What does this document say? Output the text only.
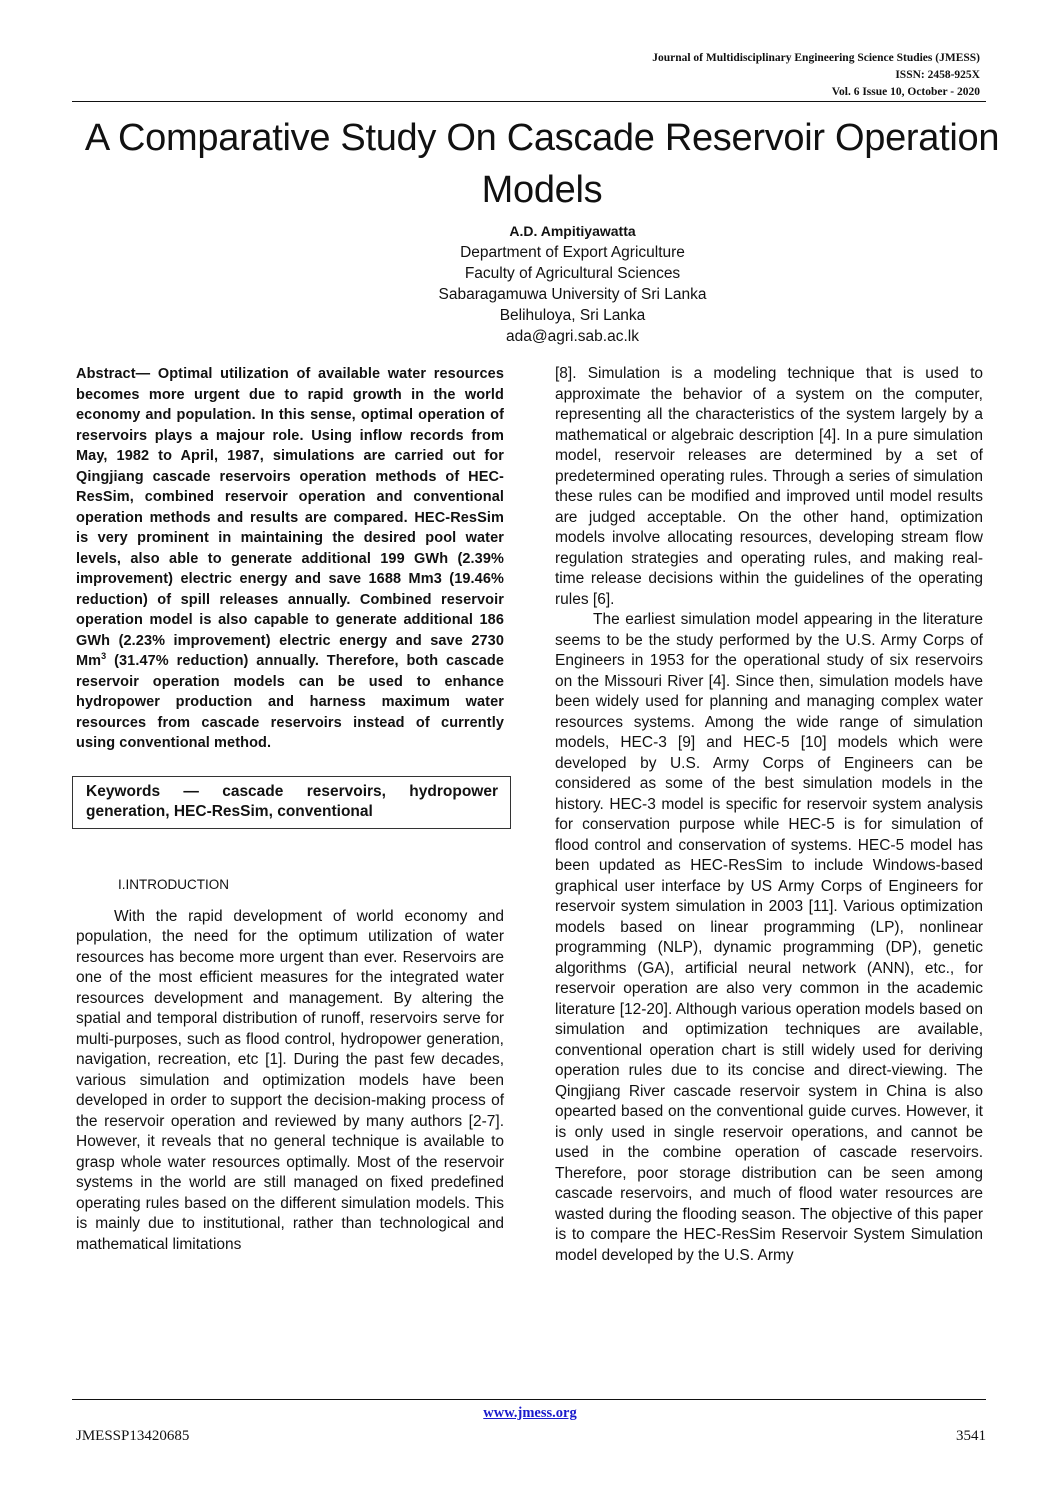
Journal of Multidisciplinary Engineering Science Studies (JMESS)
ISSN: 2458-925X
Vol. 6 Issue 10, October - 2020
A Comparative Study On Cascade Reservoir Operation Models
A.D. Ampitiyawatta
Department of Export Agriculture
Faculty of Agricultural Sciences
Sabaragamuwa University of Sri Lanka
Belihuloya, Sri Lanka
ada@agri.sab.ac.lk

Abstract— Optimal utilization of available water resources becomes more urgent due to rapid growth in the world economy and population. In this sense, optimal operation of reservoirs plays a majour role. Using inflow records from May, 1982 to April, 1987, simulations are carried out for Qingjiang cascade reservoirs operation methods of HEC-ResSim, combined reservoir operation and conventional operation methods and results are compared. HEC-ResSim is very prominent in maintaining the desired pool water levels, also able to generate additional 199 GWh (2.39% improvement) electric energy and save 1688 Mm3 (19.46% reduction) of spill releases annually. Combined reservoir operation model is also capable to generate additional 186 GWh (2.23% improvement) electric energy and save 2730 Mm$^3$ (31.47% reduction) annually. Therefore, both cascade reservoir operation models can be used to enhance hydropower production and harness maximum water resources from cascade reservoirs instead of currently using conventional method.

Keywords — cascade reservoirs, hydropower generation, HEC-ResSim, conventional
I.INTRODUCTION

With the rapid development of world economy and population, the need for the optimum utilization of water resources has become more urgent than ever. Reservoirs are one of the most efficient measures for the integrated water resources development and management. By altering the spatial and temporal distribution of runoff, reservoirs serve for multi-purposes, such as flood control, hydropower generation, navigation, recreation, etc [1]. During the past few decades, various simulation and optimization models have been developed in order to support the decision-making process of the reservoir operation and reviewed by many authors [2-7]. However, it reveals that no general technique is available to grasp whole water resources optimally. Most of the reservoir systems in the world are still managed on fixed predefined operating rules based on the different simulation models. This is mainly due to institutional, rather than technological and mathematical limitations

[8]. Simulation is a modeling technique that is used to approximate the behavior of a system on the computer, representing all the characteristics of the system largely by a mathematical or algebraic description [4]. In a pure simulation model, reservoir releases are determined by a set of predetermined operating rules. Through a series of simulation these rules can be modified and improved until model results are judged acceptable. On the other hand, optimization models involve allocating resources, developing stream flow regulation strategies and operating rules, and making real-time release decisions within the guidelines of the operating rules [6].

The earliest simulation model appearing in the literature seems to be the study performed by the U.S. Army Corps of Engineers in 1953 for the operational study of six reservoirs on the Missouri River [4]. Since then, simulation models have been widely used for planning and managing complex water resources systems. Among the wide range of simulation models, HEC-3 [9] and HEC-5 [10] models which were developed by U.S. Army Corps of Engineers can be considered as some of the best simulation models in the history. HEC-3 model is specific for reservoir system analysis for conservation purpose while HEC-5 is for simulation of flood control and conservation of systems. HEC-5 model has been updated as HEC-ResSim to include Windows-based graphical user interface by US Army Corps of Engineers for reservoir system simulation in 2003 [11]. Various optimization models based on linear programming (LP), nonlinear programming (NLP), dynamic programming (DP), genetic algorithms (GA), artificial neural network (ANN), etc., for reservoir operation are also very common in the academic literature [12-20]. Although various operation models based on simulation and optimization techniques are available, conventional operation chart is still widely used for deriving operation rules due to its concise and direct-viewing. The Qingjiang River cascade reservoir system in China is also opearted based on the conventional guide curves. However, it is only used in single reservoir operations, and cannot be used in the combine operation of cascade reservoirs. Therefore, poor storage distribution can be seen among cascade reservoirs, and much of flood water resources are wasted during the flooding season. The objective of this paper is to compare the HEC-ResSim Reservoir System Simulation model developed by the U.S. Army

www.jmess.org
JMESSP13420685	3541
